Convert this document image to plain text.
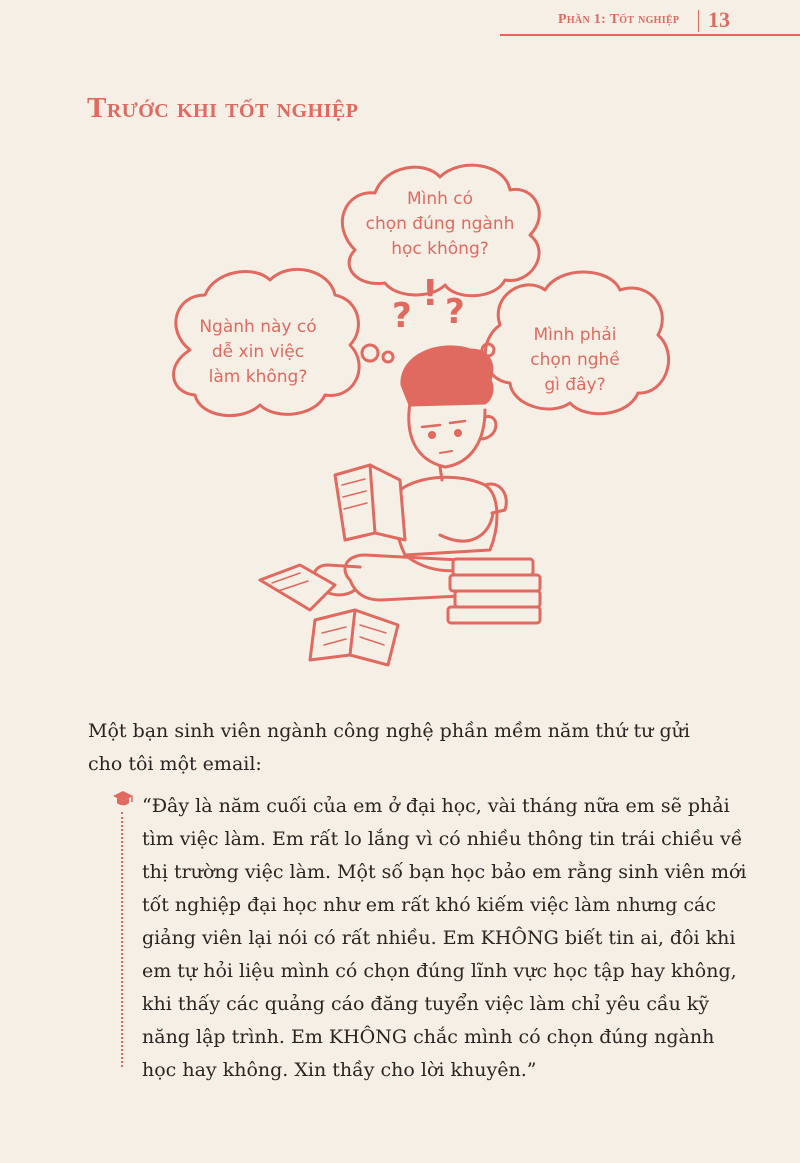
Phần 1: Tốt nghiệp 13
Trước khi tốt nghiệp
?
! ?
Mình có
chọn đúng ngành
học không?
Ngành này có
dễ xin việc
làm không?
Mình phải
chọn nghề
gì đây?

Một bạn sinh viên ngành công nghệ phần mềm năm thứ tư gửi cho tôi một email:

“Đây là năm cuối của em ở đại học, vài tháng nữa em sẽ phải tìm việc làm. Em rất lo lắng vì có nhiều thông tin trái chiều về thị trường việc làm. Một số bạn học bảo em rằng sinh viên mới tốt nghiệp đại học như em rất khó kiếm việc làm nhưng các giảng viên lại nói có rất nhiều. Em KHÔNG biết tin ai, đôi khi em tự hỏi liệu mình có chọn đúng lĩnh vực học tập hay không, khi thấy các quảng cáo đăng tuyển việc làm chỉ yêu cầu kỹ năng lập trình. Em KHÔNG chắc mình có chọn đúng ngành học hay không. Xin thầy cho lời khuyên.”
